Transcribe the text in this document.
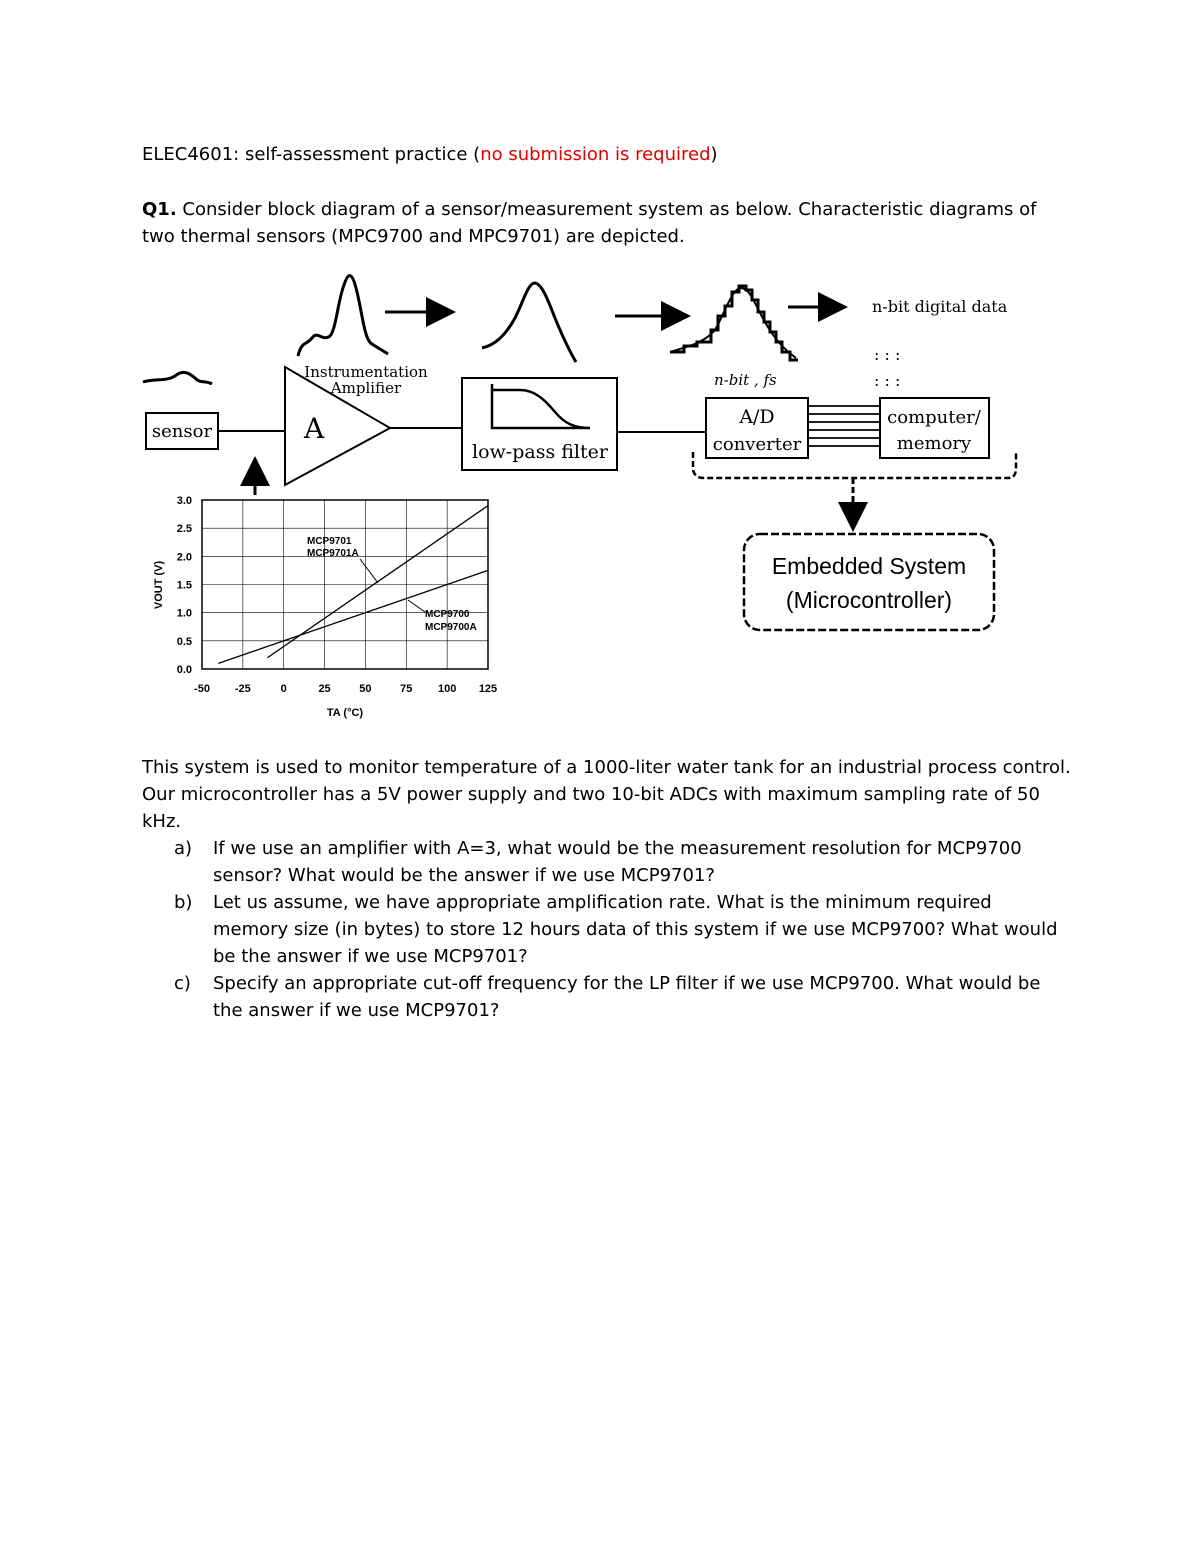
ELEC4601: self-assessment practice (no submission is required)
Q1. Consider block diagram of a sensor/measurement system as below. Characteristic diagrams of two thermal sensors (MPC9700 and MPC9701) are depicted.
n-bit digital data
: : :
: : :
sensor	A
Instrumentation
Amplifier
low-pass filter
n-bit , fs
A/D
converter
computer/
memory
Embedded System
(Microcontroller)
-50 -25	0	25	50	75 100 125
0.0
0.5
1.0
1.5
2.0
2.5
3.0
MCP9701
MCP9701A
MCP9700
MCP9700A
VOUT (V)
TA (°C)

This system is used to monitor temperature of a 1000-liter water tank for an industrial process control.

Our microcontroller has a 5V power supply and two 10-bit ADCs with maximum sampling rate of 50 kHz.

a) If we use an amplifier with A=3, what would be the measurement resolution for MCP9700 sensor? What would be the answer if we use MCP9701?
b) Let us assume, we have appropriate amplification rate. What is the minimum required memory size (in bytes) to store 12 hours data of this system if we use MCP9700? What would be the answer if we use MCP9701?
c) Specify an appropriate cut-off frequency for the LP filter if we use MCP9700. What would be the answer if we use MCP9701?
